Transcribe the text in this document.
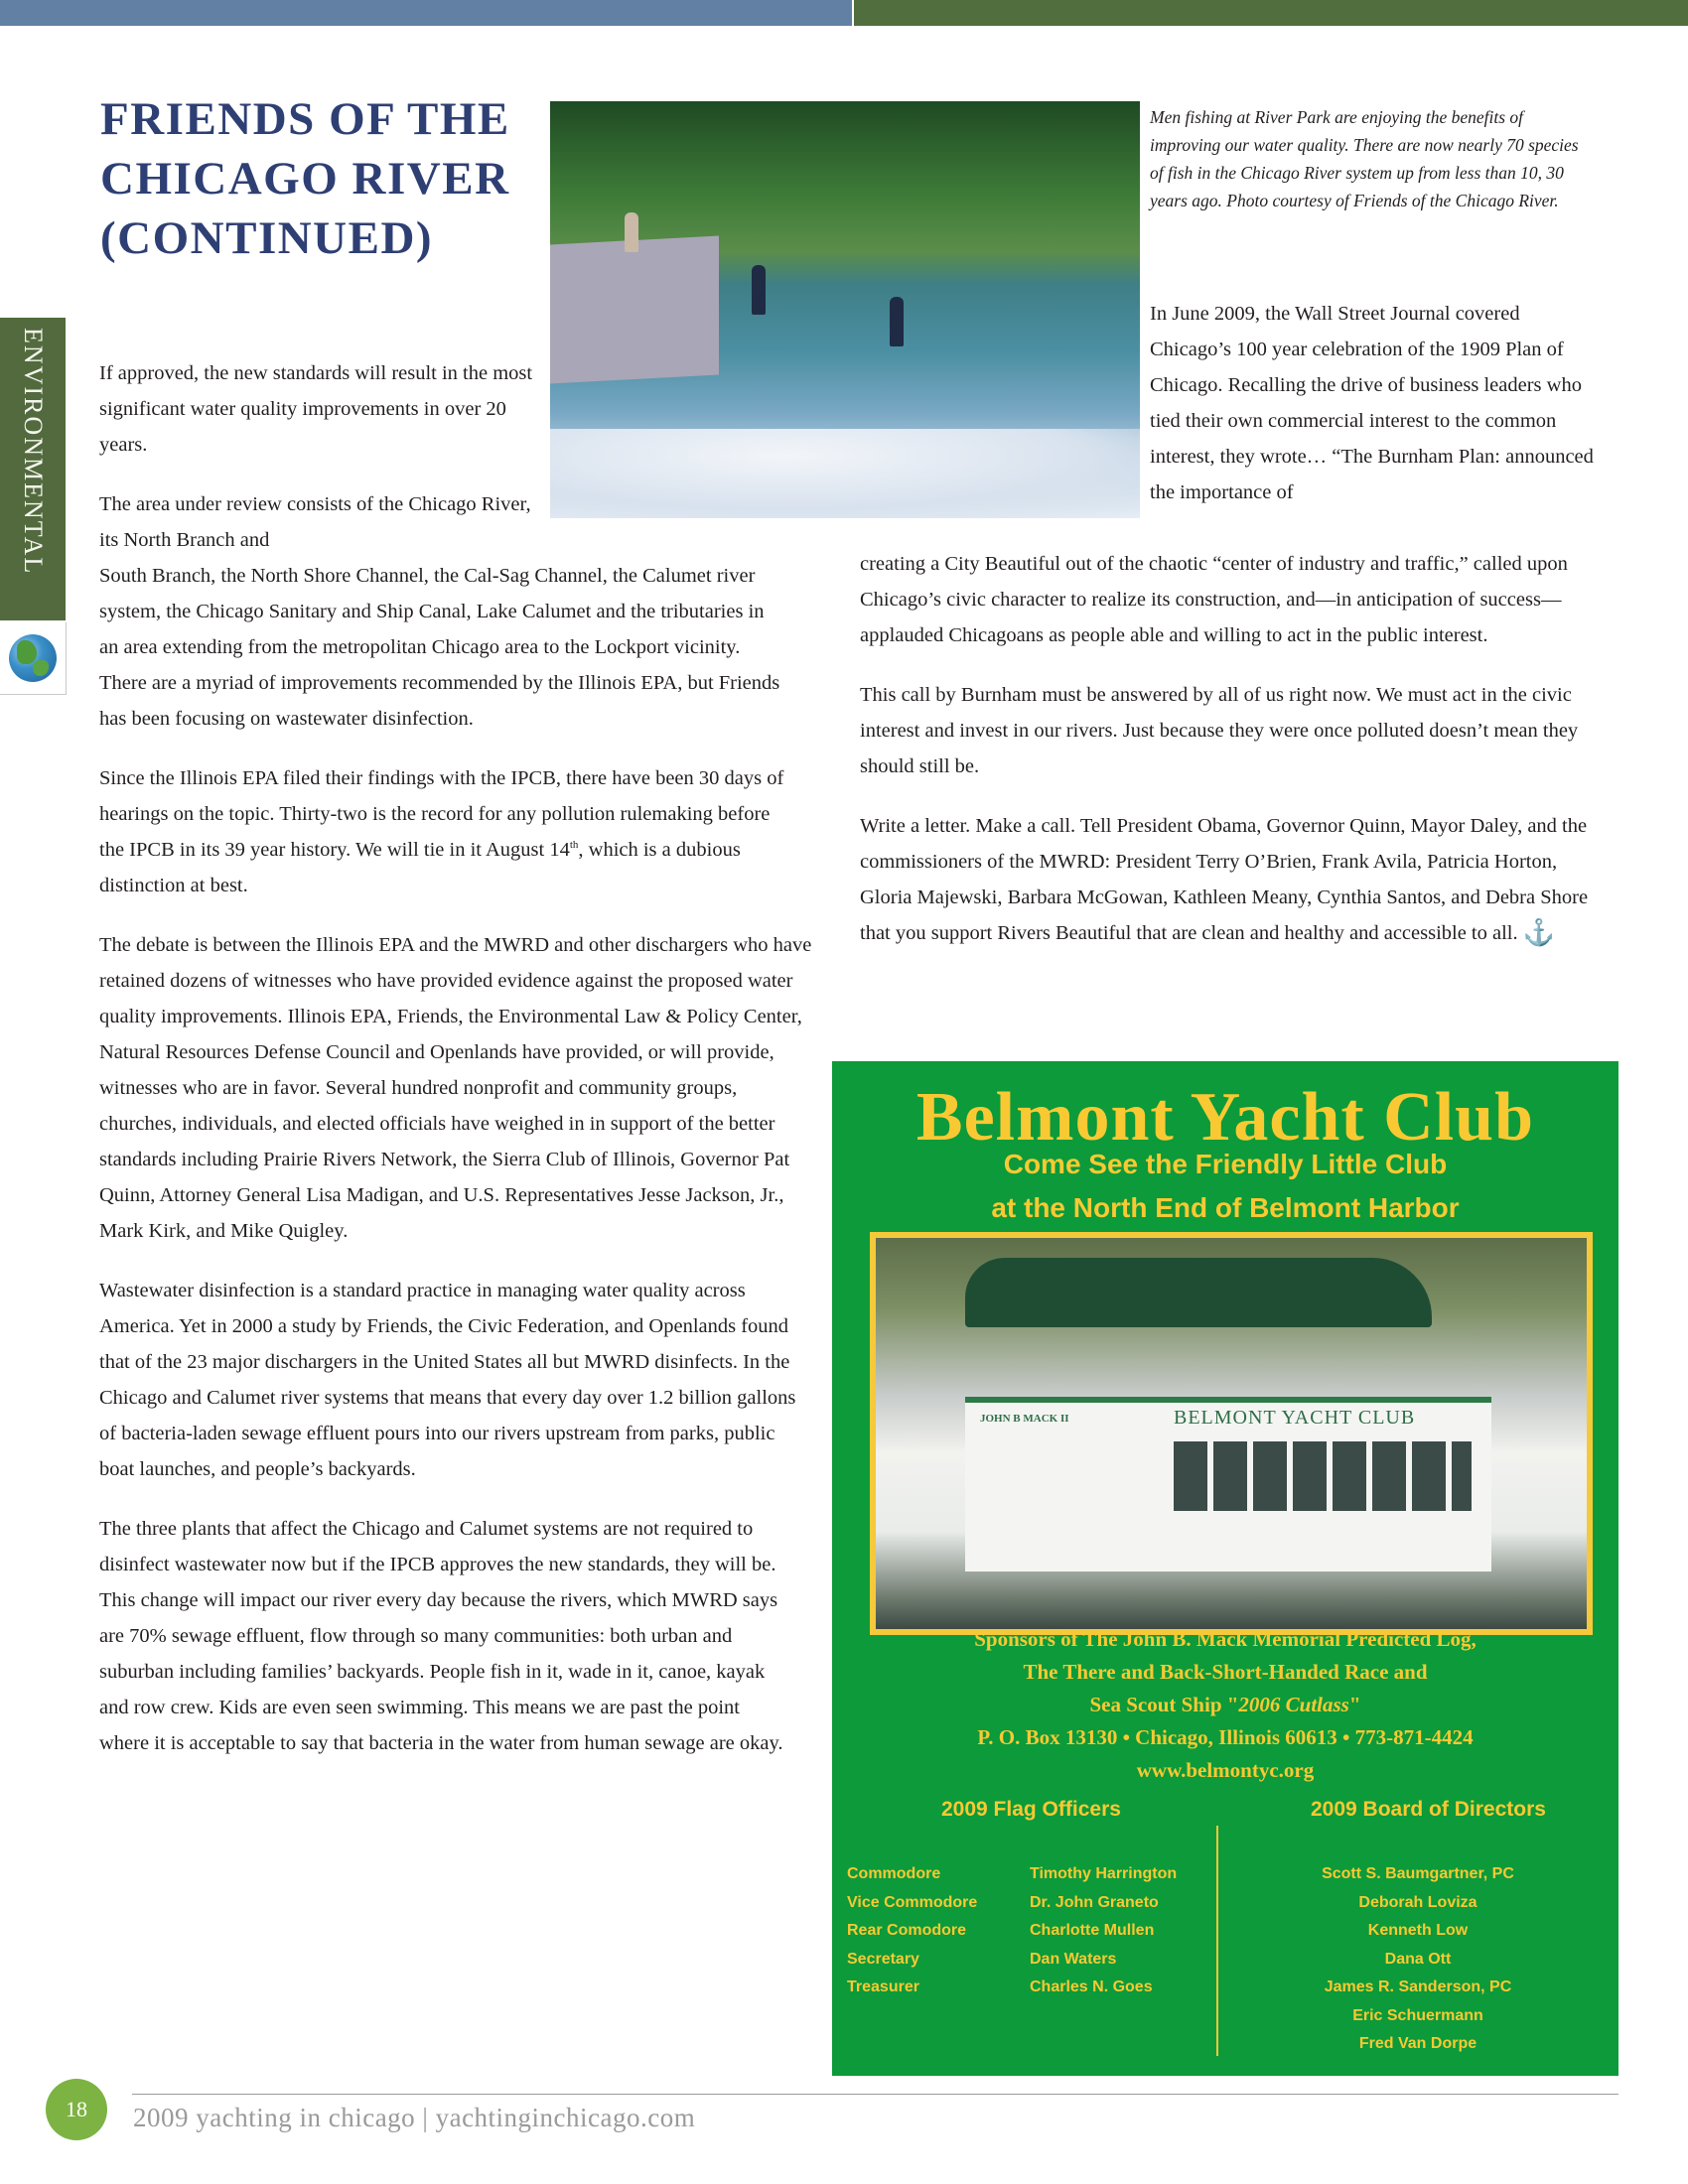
FRIENDS OF THE CHICAGO RIVER (CONTINUED)
ENVIRONMENTAL

Men fishing at River Park are enjoying the benefits of improving our water quality. There are now nearly 70 species of fish in the Chicago River system up from less than 10, 30 years ago. Photo courtesy of Friends of the Chicago River.

If approved, the new standards will result in the most significant water quality improvements in over 20 years.

The area under review consists of the Chicago River, its North Branch and

South Branch, the North Shore Channel, the Cal-Sag Channel, the Calumet river system, the Chicago Sanitary and Ship Canal, Lake Calumet and the tributaries in an area extending from the metropolitan Chicago area to the Lockport vicinity. There are a myriad of improvements recommended by the Illinois EPA, but Friends has been focusing on wastewater disinfection.

Since the Illinois EPA filed their findings with the IPCB, there have been 30 days of hearings on the topic. Thirty-two is the record for any pollution rulemaking before the IPCB in its 39 year history. We will tie in it August 14th, which is a dubious distinction at best.

The debate is between the Illinois EPA and the MWRD and other dischargers who have retained dozens of witnesses who have provided evidence against the proposed water quality improvements. Illinois EPA, Friends, the Environmental Law & Policy Center, Natural Resources Defense Council and Openlands have provided, or will provide, witnesses who are in favor. Several hundred nonprofit and community groups, churches, individuals, and elected officials have weighed in in support of the better standards including Prairie Rivers Network, the Sierra Club of Illinois, Governor Pat Quinn, Attorney General Lisa Madigan, and U.S. Representatives Jesse Jackson, Jr., Mark Kirk, and Mike Quigley.

Wastewater disinfection is a standard practice in managing water quality across America. Yet in 2000 a study by Friends, the Civic Federation, and Openlands found that of the 23 major dischargers in the United States all but MWRD disinfects. In the Chicago and Calumet river systems that means that every day over 1.2 billion gallons of bacteria-laden sewage effluent pours into our rivers upstream from parks, public boat launches, and people’s backyards.

The three plants that affect the Chicago and Calumet systems are not required to disinfect wastewater now but if the IPCB approves the new standards, they will be. This change will impact our river every day because the rivers, which MWRD says are 70% sewage effluent, flow through so many communities: both urban and suburban including families’ backyards. People fish in it, wade in it, canoe, kayak and row crew. Kids are even seen swimming. This means we are past the point where it is acceptable to say that bacteria in the water from human sewage are okay.

In June 2009, the Wall Street Journal covered Chicago’s 100 year celebration of the 1909 Plan of Chicago. Recalling the drive of business leaders who tied their own commercial interest to the common interest, they wrote… “The Burnham Plan: announced the importance of

creating a City Beautiful out of the chaotic “center of industry and traffic,” called upon Chicago’s civic character to realize its construction, and—in anticipation of success—applauded Chicagoans as people able and willing to act in the public interest.

This call by Burnham must be answered by all of us right now. We must act in the civic interest and invest in our rivers. Just because they were once polluted doesn’t mean they should still be.

Write a letter. Make a call. Tell President Obama, Governor Quinn, Mayor Daley, and the commissioners of the MWRD: President Terry O’Brien, Frank Avila, Patricia Horton, Gloria Majewski, Barbara McGowan, Kathleen Meany, Cynthia Santos, and Debra Shore that you support Rivers Beautiful that are clean and healthy and accessible to all. ⚓

Belmont Yacht Club
Come See the Friendly Little Club
at the North End of Belmont Harbor
BELMONT YACHT CLUB
JOHN B MACK II
Sponsors of The John B. Mack Memorial Predicted Log,
The There and Back-Short-Handed Race and
Sea Scout Ship "2006 Cutlass"
P. O. Box 13130 • Chicago, Illinois 60613 • 773-871-4424
www.belmontyc.org
2009 Flag Officers	2009 Board of Directors
Commodore	Timothy Harrington
Vice Commodore	Dr. John Graneto
Rear Comodore	Charlotte Mullen
Secretary	Dan Waters
Treasurer	Charles N. Goes
Scott S. Baumgartner, PC
Deborah Loviza
Kenneth Low
Dana Ott
James R. Sanderson, PC
Eric Schuermann
Fred Van Dorpe
18	2009 yachting in chicago | yachtinginchicago.com
